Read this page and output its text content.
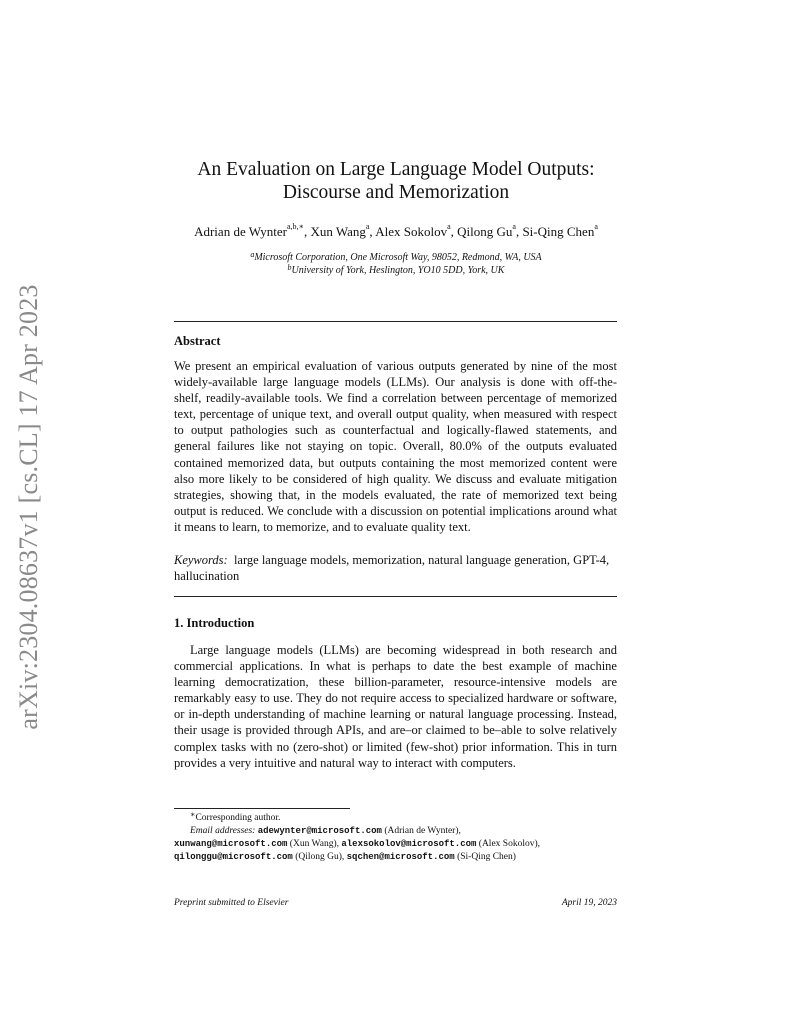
arXiv:2304.08637v1 [cs.CL] 17 Apr 2023
An Evaluation on Large Language Model Outputs:
Discourse and Memorization
Adrian de Wynter$^{a,b,∗}$, Xun Wang$^a$, Alex Sokolov$^a$, Qilong Gu$^a$, Si-Qing Chen$^a$
$^a$Microsoft Corporation, One Microsoft Way, 98052, Redmond, WA, USA
$^b$University of York, Heslington, YO10 5DD, York, UK
Abstract

We present an empirical evaluation of various outputs generated by nine of the most widely-available large language models (LLMs). Our analysis is done with off-the-shelf, readily-available tools. We find a correlation between percentage of memorized text, percentage of unique text, and overall output quality, when measured with respect to output pathologies such as counterfactual and logically-flawed statements, and general failures like not staying on topic. Overall, 80.0% of the outputs evaluated contained memorized data, but outputs containing the most memorized content were also more likely to be considered of high quality. We discuss and evaluate mitigation strategies, showing that, in the models evaluated, the rate of memorized text being output is reduced. We conclude with a discussion on potential implications around what it means to learn, to memorize, and to evaluate quality text.

Keywords: large language models, memorization, natural language generation, GPT-4, hallucination

1. Introduction

Large language models (LLMs) are becoming widespread in both research and commercial applications. In what is perhaps to date the best example of machine learning democratization, these billion-parameter, resource-intensive models are remarkably easy to use. They do not require access to specialized hardware or software, or in-depth understanding of machine learning or natural language processing. Instead, their usage is provided through APIs, and are–or claimed to be–able to solve relatively complex tasks with no (zero-shot) or limited (few-shot) prior information. This in turn provides a very intuitive and natural way to interact with computers.

∗Corresponding author.
Email addresses: adewynter@microsoft.com (Adrian de Wynter),
xunwang@microsoft.com (Xun Wang), alexsokolov@microsoft.com (Alex Sokolov),
qilonggu@microsoft.com (Qilong Gu), sqchen@microsoft.com (Si-Qing Chen)
Preprint submitted to Elsevier	April 19, 2023
